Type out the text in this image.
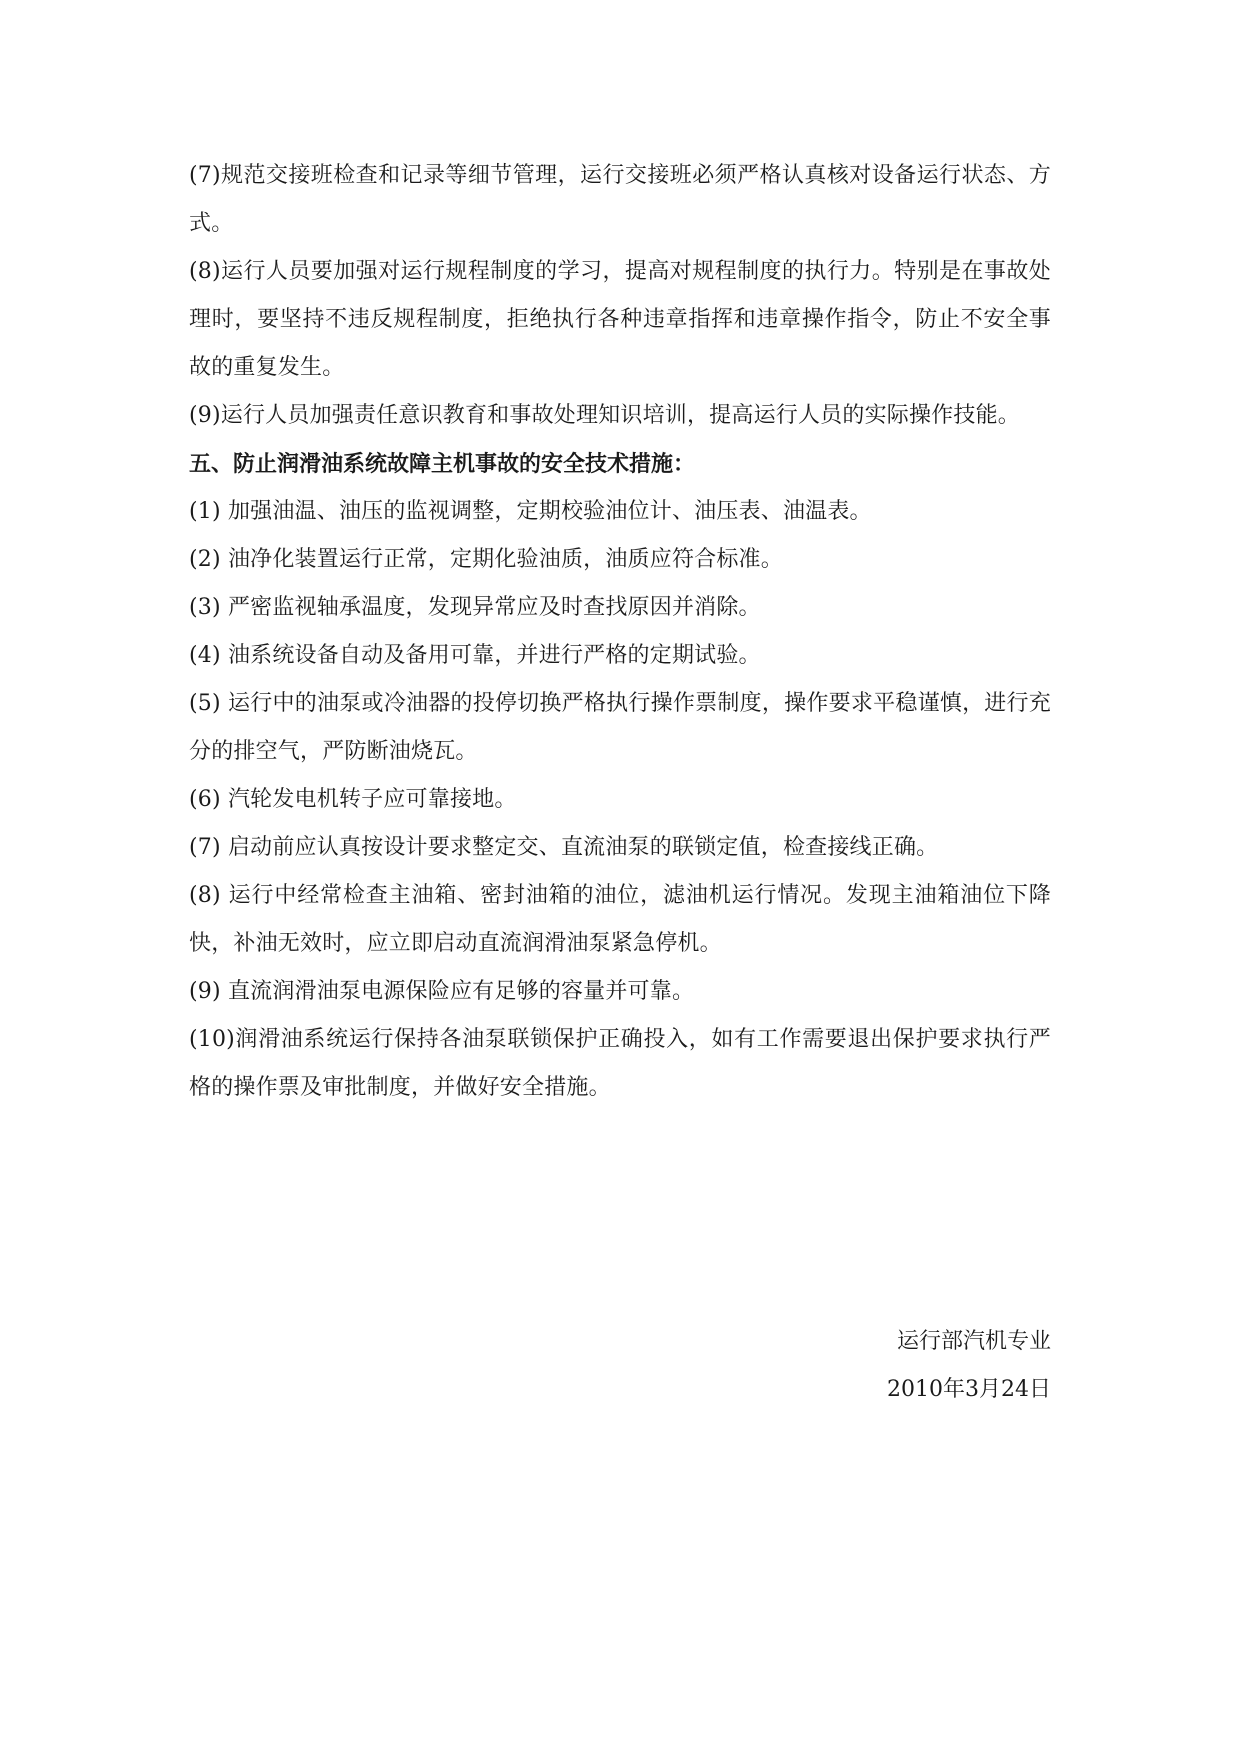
(7)规范交接班检查和记录等细节管理，运行交接班必须严格认真核对设备运行状态、方式。

(8)运行人员要加强对运行规程制度的学习，提高对规程制度的执行力。特别是在事故处理时，要坚持不违反规程制度，拒绝执行各种违章指挥和违章操作指令，防止不安全事故的重复发生。

(9)运行人员加强责任意识教育和事故处理知识培训，提高运行人员的实际操作技能。

五、防止润滑油系统故障主机事故的安全技术措施：

(1) 加强油温、油压的监视调整，定期校验油位计、油压表、油温表。

(2) 油净化装置运行正常，定期化验油质，油质应符合标准。

(3) 严密监视轴承温度，发现异常应及时查找原因并消除。

(4) 油系统设备自动及备用可靠，并进行严格的定期试验。

(5) 运行中的油泵或冷油器的投停切换严格执行操作票制度，操作要求平稳谨慎，进行充分的排空气，严防断油烧瓦。

(6) 汽轮发电机转子应可靠接地。

(7) 启动前应认真按设计要求整定交、直流油泵的联锁定值，检查接线正确。

(8) 运行中经常检查主油箱、密封油箱的油位，滤油机运行情况。发现主油箱油位下降快，补油无效时，应立即启动直流润滑油泵紧急停机。

(9) 直流润滑油泵电源保险应有足够的容量并可靠。

(10)润滑油系统运行保持各油泵联锁保护正确投入，如有工作需要退出保护要求执行严格的操作票及审批制度，并做好安全措施。

运行部汽机专业

2010年3月24日
